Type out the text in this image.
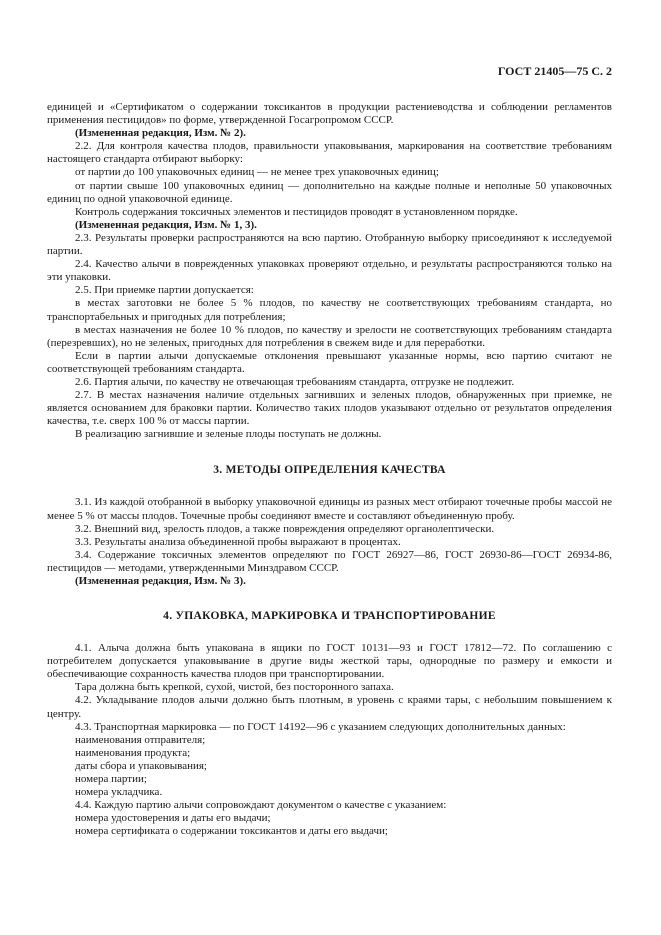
ГОСТ 21405—75 С. 2

единицей и «Сертификатом о содержании токсикантов в продукции растениеводства и соблюдении регламентов применения пестицидов» по форме, утвержденной Госагропромом СССР.

(Измененная редакция, Изм. № 2).

2.2. Для контроля качества плодов, правильности упаковывания, маркирования на соответствие требованиям настоящего стандарта отбирают выборку:

от партии до 100 упаковочных единиц — не менее трех упаковочных единиц;

от партии свыше 100 упаковочных единиц — дополнительно на каждые полные и неполные 50 упаковочных единиц по одной упаковочной единице.

Контроль содержания токсичных элементов и пестицидов проводят в установленном порядке.

(Измененная редакция, Изм. № 1, 3).

2.3. Результаты проверки распространяются на всю партию. Отобранную выборку присоединяют к исследуемой партии.

2.4. Качество алычи в поврежденных упаковках проверяют отдельно, и результаты распространяются только на эти упаковки.

2.5. При приемке партии допускается:

в местах заготовки не более 5 % плодов, по качеству не соответствующих требованиям стандарта, но транспортабельных и пригодных для потребления;

в местах назначения не более 10 % плодов, по качеству и зрелости не соответствующих требованиям стандарта (перезревших), но не зеленых, пригодных для потребления в свежем виде и для переработки.

Если в партии алычи допускаемые отклонения превышают указанные нормы, всю партию считают не соответствующей требованиям стандарта.

2.6. Партия алычи, по качеству не отвечающая требованиям стандарта, отгрузке не подлежит.

2.7. В местах назначения наличие отдельных загнивших и зеленых плодов, обнаруженных при приемке, не является основанием для браковки партии. Количество таких плодов указывают отдельно от результатов определения качества, т.е. сверх 100 % от массы партии.

В реализацию загнившие и зеленые плоды поступать не должны.

3. МЕТОДЫ ОПРЕДЕЛЕНИЯ КАЧЕСТВА

3.1. Из каждой отобранной в выборку упаковочной единицы из разных мест отбирают точечные пробы массой не менее 5 % от массы плодов. Точечные пробы соединяют вместе и составляют объединенную пробу.

3.2. Внешний вид, зрелость плодов, а также повреждения определяют органолептически.

3.3. Результаты анализа объединенной пробы выражают в процентах.

3.4. Содержание токсичных элементов определяют по ГОСТ 26927—86, ГОСТ 26930-86—ГОСТ 26934-86, пестицидов — методами, утвержденными Минздравом СССР.

(Измененная редакция, Изм. № 3).

4. УПАКОВКА, МАРКИРОВКА И ТРАНСПОРТИРОВАНИЕ

4.1. Алыча должна быть упакована в ящики по ГОСТ 10131—93 и ГОСТ 17812—72. По соглашению с потребителем допускается упаковывание в другие виды жесткой тары, однородные по размеру и емкости и обеспечивающие сохранность качества плодов при транспортировании.

Тара должна быть крепкой, сухой, чистой, без посторонного запаха.

4.2. Укладывание плодов алычи должно быть плотным, в уровень с краями тары, с небольшим повышением к центру.

4.3. Транспортная маркировка — по ГОСТ 14192—96 с указанием следующих дополнительных данных:

наименования отправителя;

наименования продукта;

даты сбора и упаковывания;

номера партии;

номера укладчика.

4.4. Каждую партию алычи сопровождают документом о качестве с указанием:

номера удостоверения и даты его выдачи;

номера сертификата о содержании токсикантов и даты его выдачи;
